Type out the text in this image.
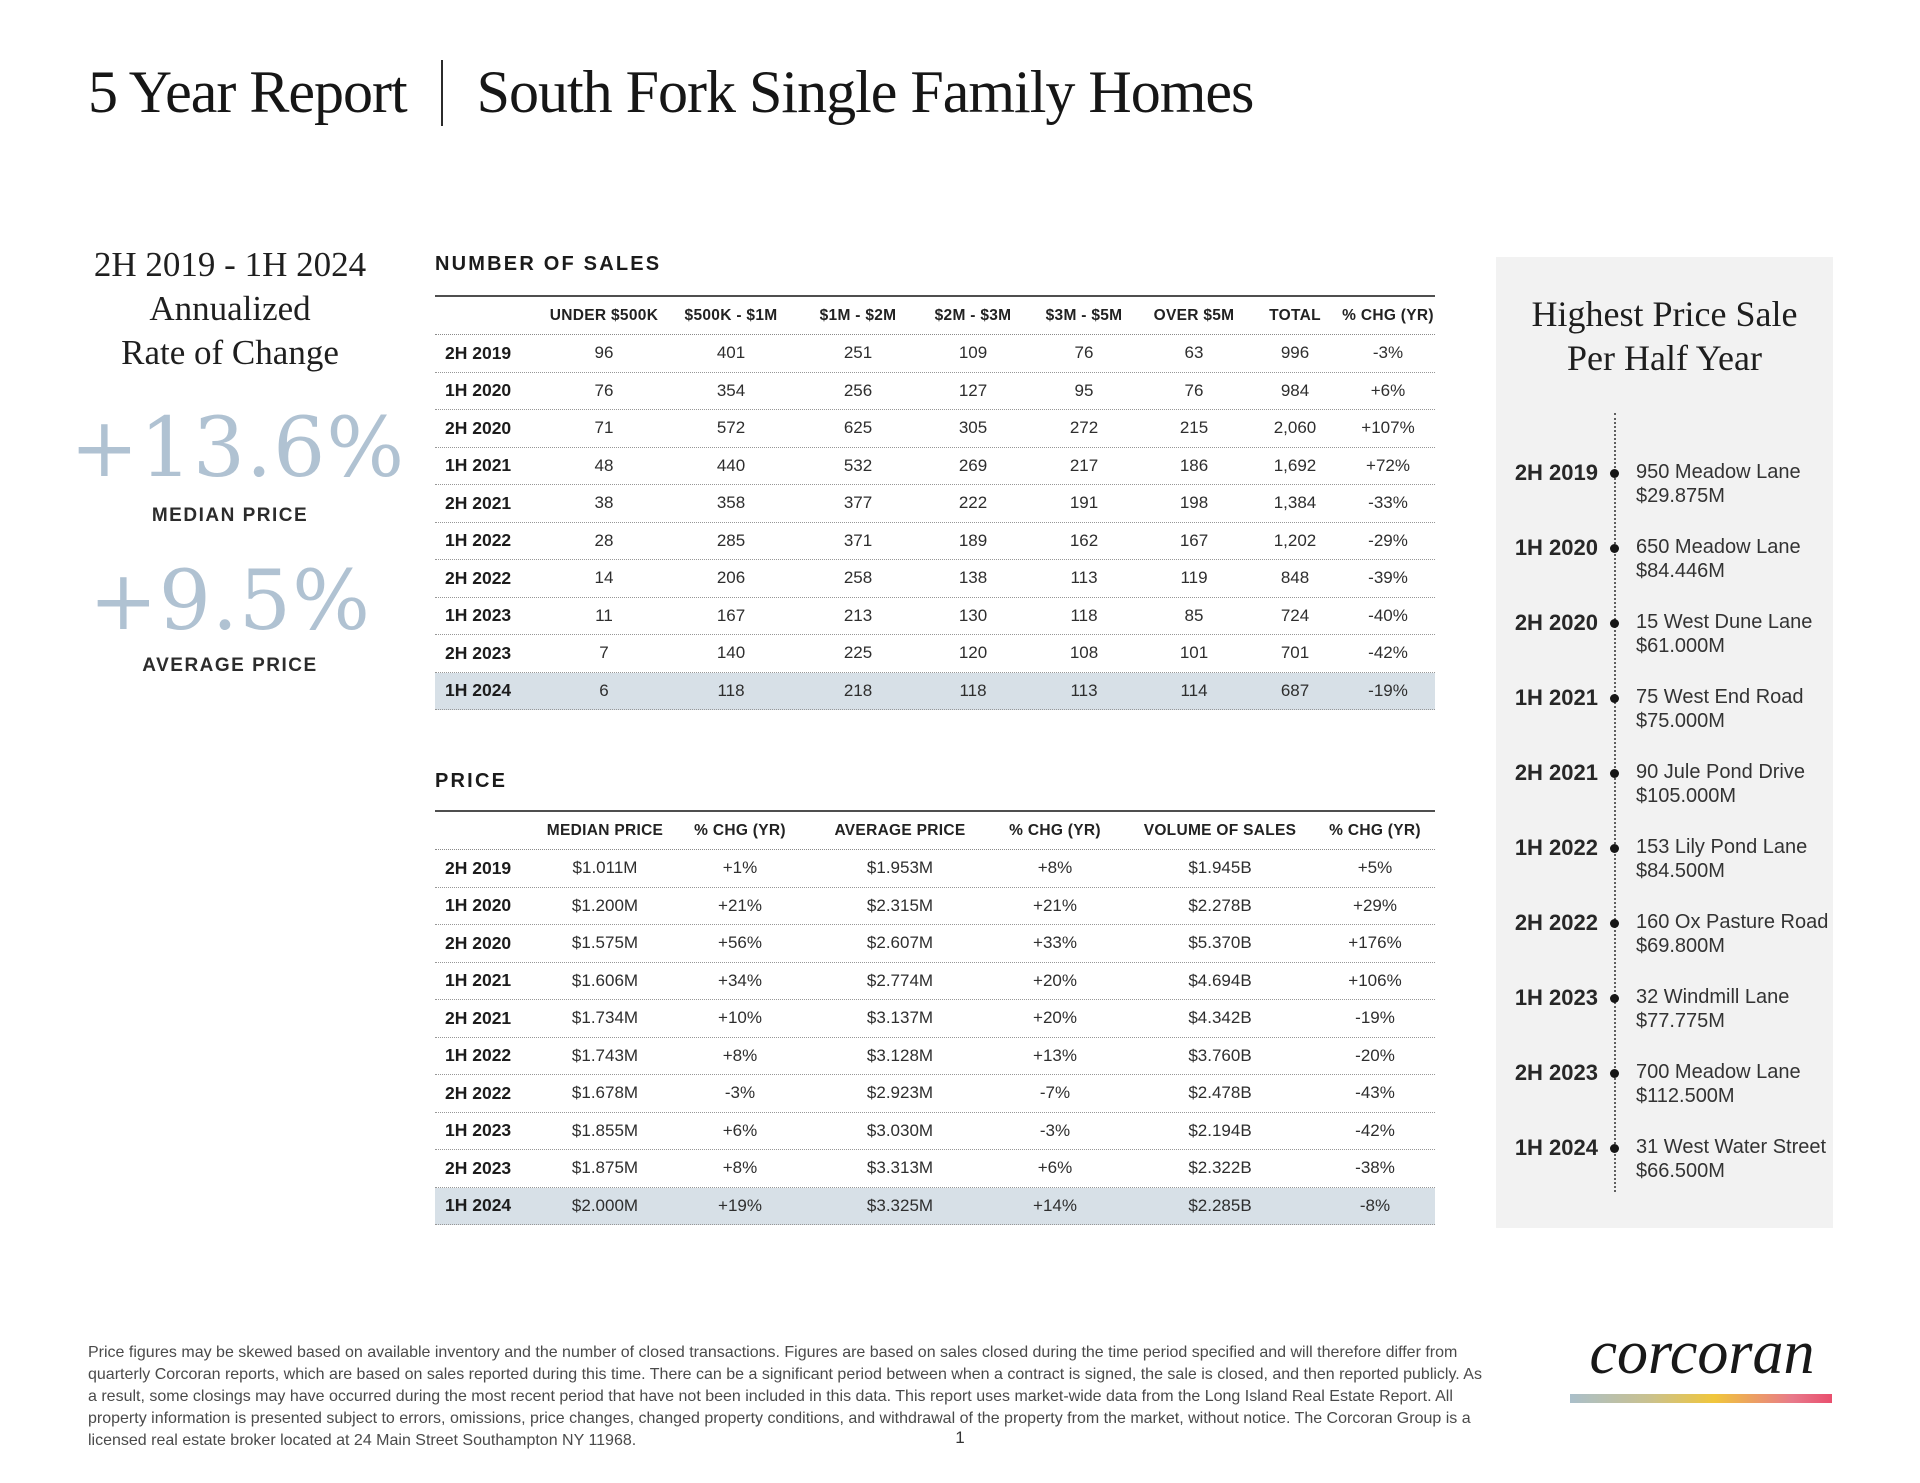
5 Year Report South Fork Single Family Homes
2H 2019 - 1H 2024
Annualized
Rate of Change
+13.6%
MEDIAN PRICE
+9.5%
AVERAGE PRICE
NUMBER OF SALES
UNDER $500K	$500K - $1M	$1M - $2M	$2M - $3M	$3M - $5M	OVER $5M	TOTAL	% CHG (YR)
2H 2019	96	401	251	109	76	63	996	-3%
1H 2020	76	354	256	127	95	76	984	+6%
2H 2020	71	572	625	305	272	215	2,060	+107%
1H 2021	48	440	532	269	217	186	1,692	+72%
2H 2021	38	358	377	222	191	198	1,384	-33%
1H 2022	28	285	371	189	162	167	1,202	-29%
2H 2022	14	206	258	138	113	119	848	-39%
1H 2023	11	167	213	130	118	85	724	-40%
2H 2023	7	140	225	120	108	101	701	-42%
1H 2024	6	118	218	118	113	114	687	-19%
PRICE
MEDIAN PRICE	% CHG (YR)	AVERAGE PRICE	% CHG (YR)	VOLUME OF SALES	% CHG (YR)
2H 2019	$1.011M	+1%	$1.953M	+8%	$1.945B	+5%
1H 2020	$1.200M	+21%	$2.315M	+21%	$2.278B	+29%
2H 2020	$1.575M	+56%	$2.607M	+33%	$5.370B	+176%
1H 2021	$1.606M	+34%	$2.774M	+20%	$4.694B	+106%
2H 2021	$1.734M	+10%	$3.137M	+20%	$4.342B	-19%
1H 2022	$1.743M	+8%	$3.128M	+13%	$3.760B	-20%
2H 2022	$1.678M	-3%	$2.923M	-7%	$2.478B	-43%
1H 2023	$1.855M	+6%	$3.030M	-3%	$2.194B	-42%
2H 2023	$1.875M	+8%	$3.313M	+6%	$2.322B	-38%
1H 2024	$2.000M	+19%	$3.325M	+14%	$2.285B	-8%
Highest Price Sale
Per Half Year
2H 2019 950 Meadow Lane $29.875M
1H 2020 650 Meadow Lane $84.446M
2H 2020 15 West Dune Lane $61.000M
1H 2021 75 West End Road $75.000M
2H 2021 90 Jule Pond Drive $105.000M
1H 2022 153 Lily Pond Lane $84.500M
2H 2022 160 Ox Pasture Road $69.800M
1H 2023 32 Windmill Lane $77.775M
2H 2023 700 Meadow Lane $112.500M
1H 2024 31 West Water Street $66.500M
Price figures may be skewed based on available inventory and the number of closed transactions. Figures are based on sales closed during the time period specified and will therefore differ from quarterly Corcoran reports, which are based on sales reported during this time. There can be a significant period between when a contract is signed, the sale is closed, and then reported publicly. As a result, some closings may have occurred during the most recent period that have not been included in this data. This report uses market-wide data from the Long Island Real Estate Report. All property information is presented subject to errors, omissions, price changes, changed property conditions, and withdrawal of the property from the market, without notice. The Corcoran Group is a licensed real estate broker located at 24 Main Street Southampton NY 11968.
corcoran
1
